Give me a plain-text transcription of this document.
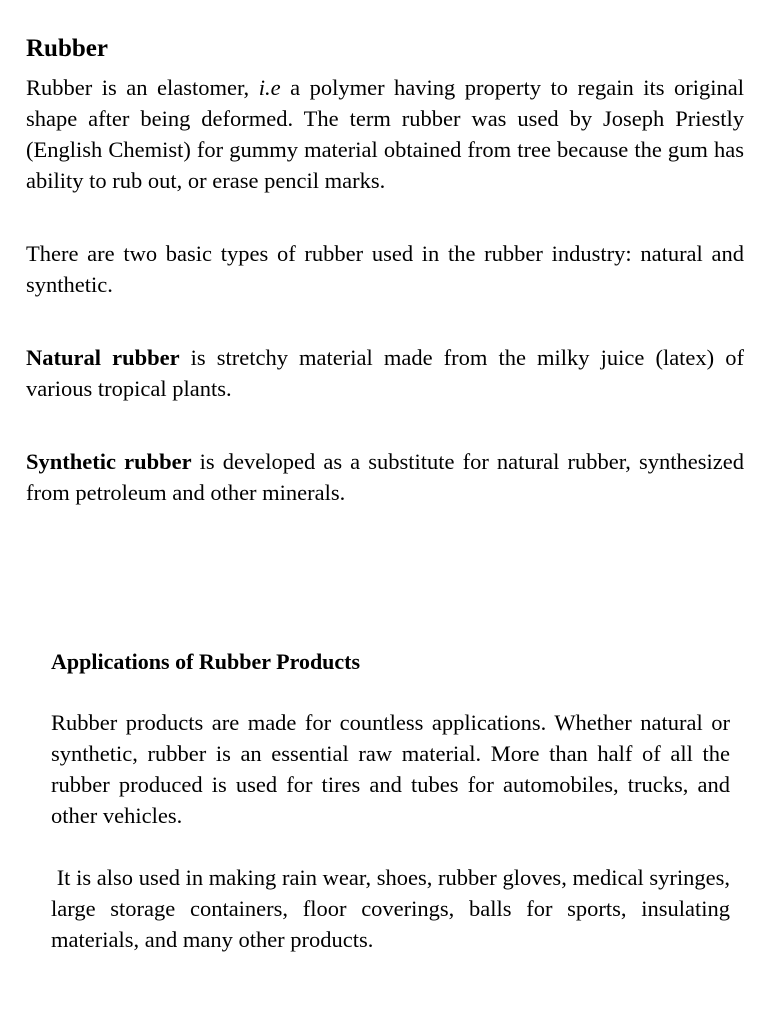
Rubber

Rubber is an elastomer, i.e a polymer having property to regain its original shape after being deformed. The term rubber was used by Joseph Priestly (English Chemist) for gummy material obtained from tree because the gum has ability to rub out, or erase pencil marks.

There are two basic types of rubber used in the rubber industry: natural and synthetic.

Natural rubber is stretchy material made from the milky juice (latex) of various tropical plants.

Synthetic rubber is developed as a substitute for natural rubber, synthesized from petroleum and other minerals.

Applications of Rubber Products

Rubber products are made for countless applications. Whether natural or synthetic, rubber is an essential raw material. More than half of all the rubber produced is used for tires and tubes for automobiles, trucks, and other vehicles.

It is also used in making rain wear, shoes, rubber gloves, medical syringes, large storage containers, floor coverings, balls for sports, insulating materials, and many other products.
